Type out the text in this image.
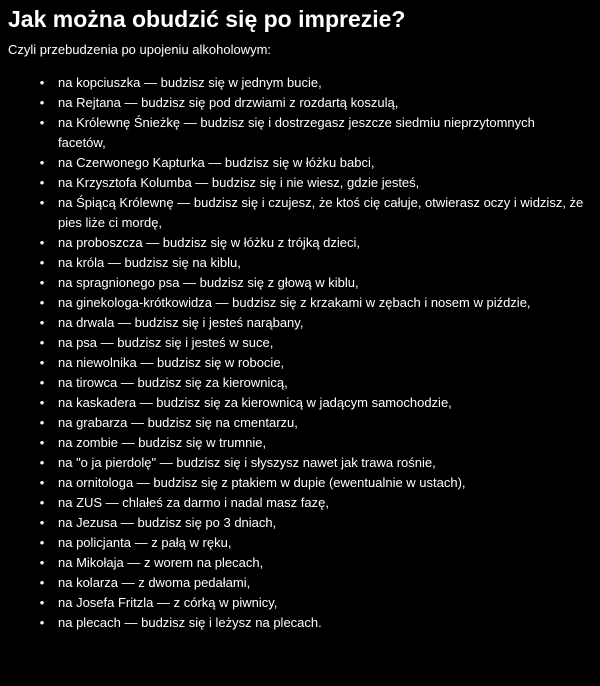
Jak można obudzić się po imprezie?

Czyli przebudzenia po upojeniu alkoholowym:

• na kopciuszka — budzisz się w jednym bucie,
• na Rejtana — budzisz się pod drzwiami z rozdartą koszulą,
• na Królewnę Śnieżkę — budzisz się i dostrzegasz jeszcze siedmiu nieprzytomnych facetów,
• na Czerwonego Kapturka — budzisz się w łóżku babci,
• na Krzysztofa Kolumba — budzisz się i nie wiesz, gdzie jesteś,
• na Śpiącą Królewnę — budzisz się i czujesz, że ktoś cię całuje, otwierasz oczy i widzisz, że pies liże ci mordę,
• na proboszcza — budzisz się w łóżku z trójką dzieci,
• na króla — budzisz się na kiblu,
• na spragnionego psa — budzisz się z głową w kiblu,
• na ginekologa-krótkowidza — budzisz się z krzakami w zębach i nosem w piździe,
• na drwala — budzisz się i jesteś narąbany,
• na psa — budzisz się i jesteś w suce,
• na niewolnika — budzisz się w robocie,
• na tirowca — budzisz się za kierownicą,
• na kaskadera — budzisz się za kierownicą w jadącym samochodzie,
• na grabarza — budzisz się na cmentarzu,
• na zombie — budzisz się w trumnie,
• na "o ja pierdolę" — budzisz się i słyszysz nawet jak trawa rośnie,
• na ornitologa — budzisz się z ptakiem w dupie (ewentualnie w ustach),
• na ZUS — chlałeś za darmo i nadal masz fazę,
• na Jezusa — budzisz się po 3 dniach,
• na policjanta — z pałą w ręku,
• na Mikołaja — z worem na plecach,
• na kolarza — z dwoma pedałami,
• na Josefa Fritzla — z córką w piwnicy,
• na plecach — budzisz się i leżysz na plecach.
